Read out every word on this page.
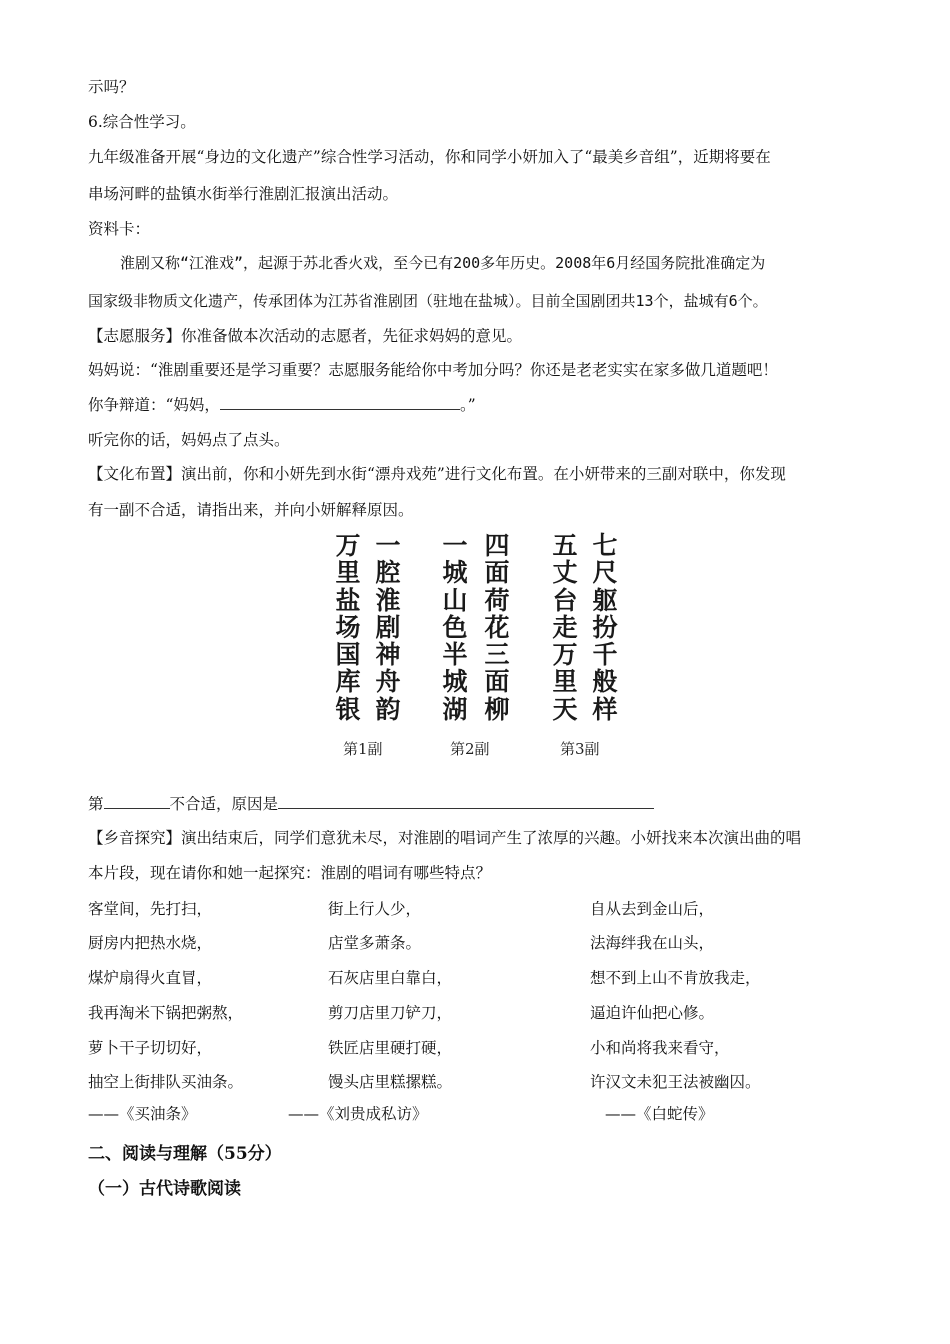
示吗？
6.综合性学习。
九年级准备开展“身边的文化遗产”综合性学习活动，你和同学小妍加入了“最美乡音组”，近期将要在
串场河畔的盐镇水街举行淮剧汇报演出活动。
资料卡：
淮剧又称“江淮戏”，起源于苏北香火戏，至今已有200多年历史。2008年6月经国务院批准确定为
国家级非物质文化遗产，传承团体为江苏省淮剧团（驻地在盐城）。目前全国剧团共13个，盐城有6个。
【志愿服务】你准备做本次活动的志愿者，先征求妈妈的意见。
妈妈说：“淮剧重要还是学习重要？志愿服务能给你中考加分吗？你还是老老实实在家多做几道题吧！
你争辩道：“妈妈，	。”
听完你的话，妈妈点了点头。
【文化布置】演出前，你和小妍先到水街“漂舟戏苑”进行文化布置。在小妍带来的三副对联中，你发现
有一副不合适，请指出来，并向小妍解释原因。
万里盐场国库银
一腔淮剧神舟韵
一城山色半城湖
四面荷花三面柳
五丈台走万里天
七尺躯扮千般样
第1副	第2副	第3副
第	不合适，原因是
【乡音探究】演出结束后，同学们意犹未尽，对淮剧的唱词产生了浓厚的兴趣。小妍找来本次演出曲的唱
本片段，现在请你和她一起探究：淮剧的唱词有哪些特点？
客堂间，先打扫，
厨房内把热水烧，
煤炉扇得火直冒，
我再淘米下锅把粥熬，
萝卜干子切切好，
抽空上街排队买油条。
——《买油条》
街上行人少，
店堂多萧条。
石灰店里白靠白，
剪刀店里刀铲刀，
铁匠店里硬打硬，
馒头店里糕摞糕。
——《刘贵成私访》
自从去到金山后，
法海绊我在山头，
想不到上山不肯放我走，
逼迫许仙把心修。
小和尚将我来看守，
许汉文未犯王法被幽囚。
——《白蛇传》
二、阅读与理解（55分）
（一）古代诗歌阅读
